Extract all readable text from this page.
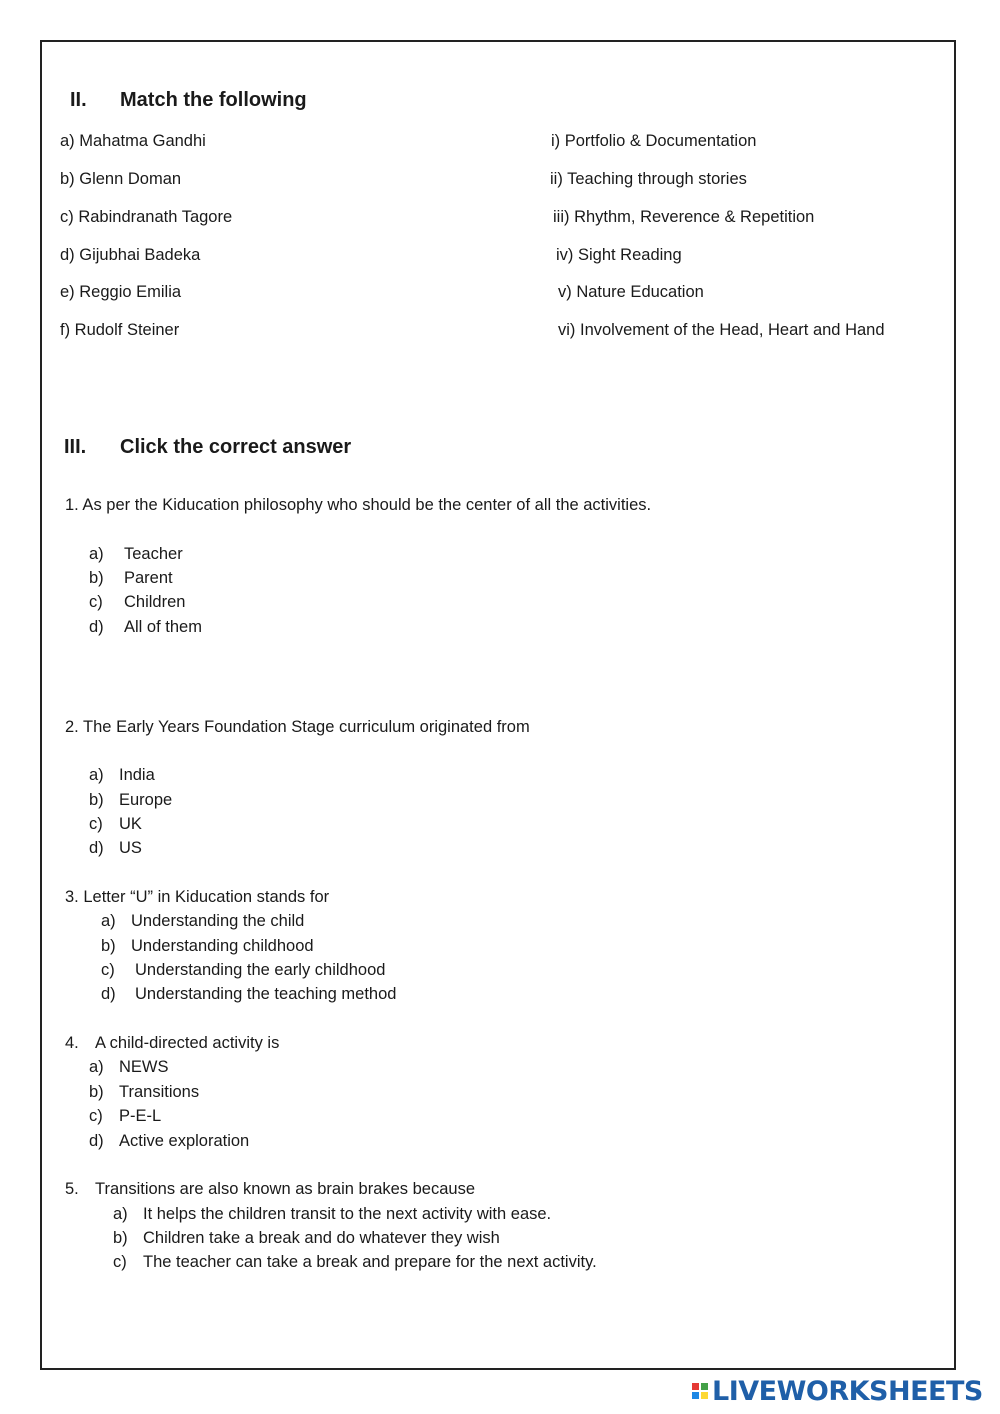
II. Match the following
a) Mahatma Gandhi
b) Glenn Doman
c) Rabindranath Tagore
d) Gijubhai Badeka
e) Reggio Emilia
f) Rudolf Steiner
i) Portfolio & Documentation
ii) Teaching through stories
iii) Rhythm, Reverence & Repetition
iv) Sight Reading
v) Nature Education
vi) Involvement of the Head, Heart and Hand
III. Click the correct answer
1. As per the Kiducation philosophy who should be the center of all the activities.
a) Teacher
b) Parent
c) Children
d) All of them
2. The Early Years Foundation Stage curriculum originated from
a) India
b) Europe
c) UK
d) US
3. Letter “U” in Kiducation stands for
a) Understanding the child
b) Understanding childhood
c) Understanding the early childhood
d) Understanding the teaching method
4. A child-directed activity is
a) NEWS
b) Transitions
c) P-E-L
d) Active exploration
5. Transitions are also known as brain brakes because
a) It helps the children transit to the next activity with ease.
b) Children take a break and do whatever they wish
c) The teacher can take a break and prepare for the next activity.
LIVEWORKSHEETS
